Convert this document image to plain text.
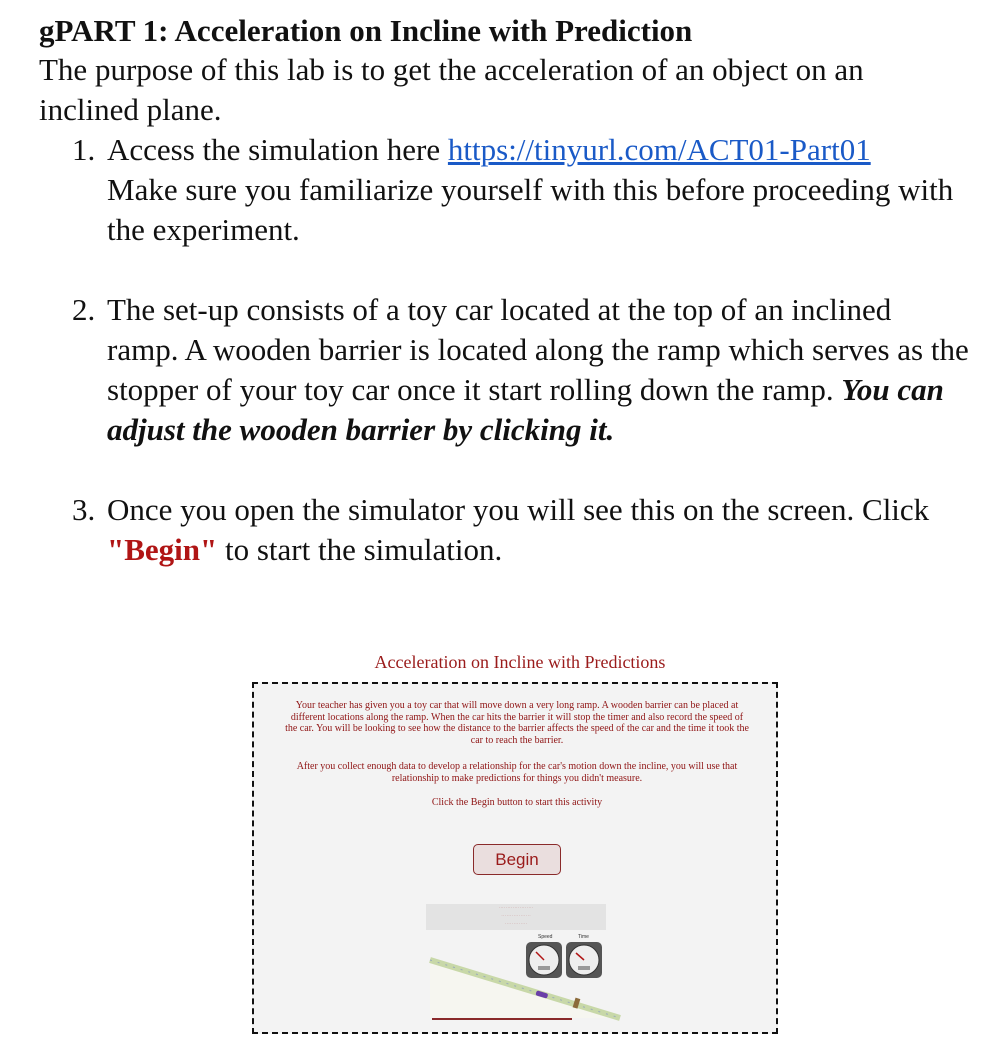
gPART 1: Acceleration on Incline with Prediction

The purpose of this lab is to get the acceleration of an object on an inclined plane.

1. Access the simulation here https://tinyurl.com/ACT01-Part01
Make sure you familiarize yourself with this before proceeding with the experiment.
2. The set-up consists of a toy car located at the top of an inclined ramp. A wooden barrier is located along the ramp which serves as the stopper of your toy car once it start rolling down the ramp. You can adjust the wooden barrier by clicking it.
3. Once you open the simulator you will see this on the screen. Click "Begin" to start the simulation.
Acceleration on Incline with Predictions
Your teacher has given you a toy car that will move down a very long ramp. A wooden barrier can be placed at different locations along the ramp. When the car hits the barrier it will stop the timer and also record the speed of the car. You will be looking to see how the distance to the barrier affects the speed of the car and the time it took the car to reach the barrier.
After you collect enough data to develop a relationship for the car's motion down the incline, you will use that relationship to make predictions for things you didn't measure.
Click the Begin button to start this activity
Begin
· · · · · · · · · · · · · · · · · · · ·
· · · · · · · · · · · · · · · · ·
· · · · · · · · · · · · ·
Speed	Time
